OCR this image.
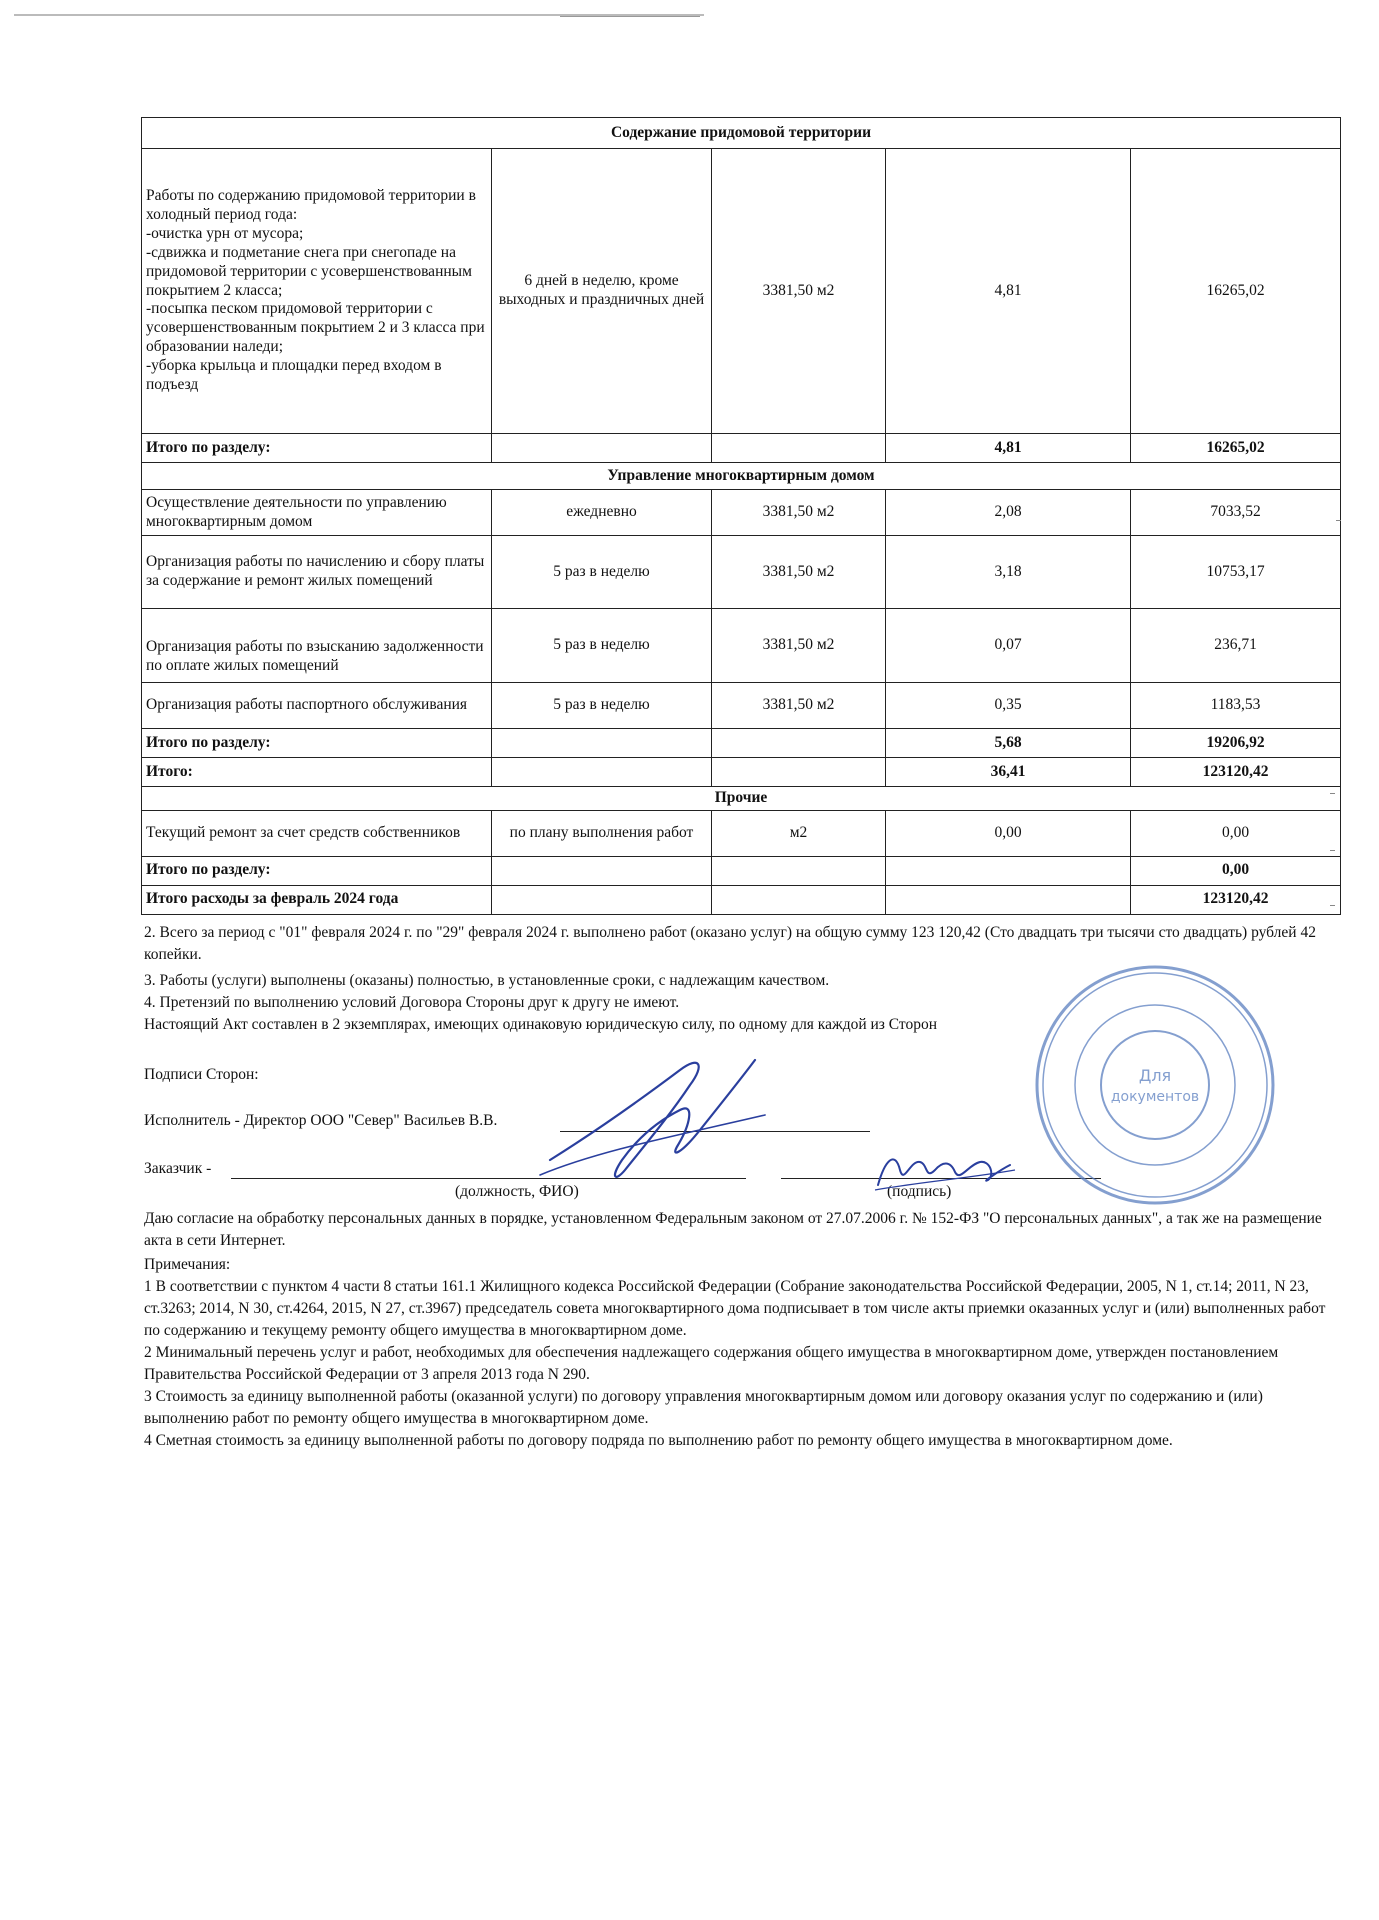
Содержание придомовой территории				
Работы по содержанию придомовой территории в холодный период года:
-очистка урн от мусора;
-сдвижка и подметание снега при снегопаде на придомовой территории с усовершенствованным покрытием 2 класса;
-посыпка песком придомовой территории с усовершенствованным покрытием 2 и 3 класса при образовании наледи;
-уборка крыльца и площадки перед входом в подъезд	6 дней в неделю, кроме выходных и праздничных дней	3381,50 м2	4,81	16265,02
Итого по разделу:			4,81	16265,02
Управление многоквартирным домом				
Осуществление деятельности по управлению многоквартирным домом	ежедневно	3381,50 м2	2,08	7033,52
Организация работы по начислению и сбору платы за содержание и ремонт жилых помещений	5 раз в неделю	3381,50 м2	3,18	10753,17
Организация работы по взысканию задолженности по оплате жилых помещений	5 раз в неделю	3381,50 м2	0,07	236,71
Организация работы паспортного обслуживания	5 раз в неделю	3381,50 м2	0,35	1183,53
Итого по разделу:			5,68	19206,92
Итого:			36,41	123120,42
Прочие				
Текущий ремонт за счет средств собственников	по плану выполнения работ	м2	0,00	0,00
Итого по разделу:				0,00
Итого расходы за февраль 2024 года				123120,42
2. Всего за период с "01" февраля 2024 г. по "29" февраля 2024 г. выполнено работ (оказано услуг) на общую сумму 123 120,42 (Сто двадцать три тысячи сто двадцать) рублей 42 копейки.
3. Работы (услуги) выполнены (оказаны) полностью, в установленные сроки, с надлежащим качеством.
4. Претензий по выполнению условий Договора Стороны друг к другу не имеют.
Настоящий Акт составлен в 2 экземплярах, имеющих одинаковую юридическую силу, по одному для каждой из Сторон
Подписи Сторон:
Исполнитель - Директор ООО "Север" Васильев В.В.
Заказчик -
(должность, ФИО)	(подпись)
Даю согласие на обработку персональных данных в порядке, установленном Федеральным законом от 27.07.2006 г. № 152-ФЗ "О персональных данных", а так же на размещение акта в сети Интернет.
Примечания:
1 В соответствии с пунктом 4 части 8 статьи 161.1 Жилищного кодекса Российской Федерации (Собрание законодательства Российской Федерации, 2005, N 1, ст.14; 2011, N 23, ст.3263; 2014, N 30, ст.4264, 2015, N 27, ст.3967) председатель совета многоквартирного дома подписывает в том числе акты приемки оказанных услуг и (или) выполненных работ по содержанию и текущему ремонту общего имущества в многоквартирном доме.
2 Минимальный перечень услуг и работ, необходимых для обеспечения надлежащего содержания общего имущества в многоквартирном доме, утвержден постановлением Правительства Российской Федерации от 3 апреля 2013 года N 290.
3 Стоимость за единицу выполненной работы (оказанной услуги) по договору управления многоквартирным домом или договору оказания услуг по содержанию и (или) выполнению работ по ремонту общего имущества в многоквартирном доме.
4 Сметная стоимость за единицу выполненной работы по договору подряда по выполнению работ по ремонту общего имущества в многоквартирном доме.
Для
документов
